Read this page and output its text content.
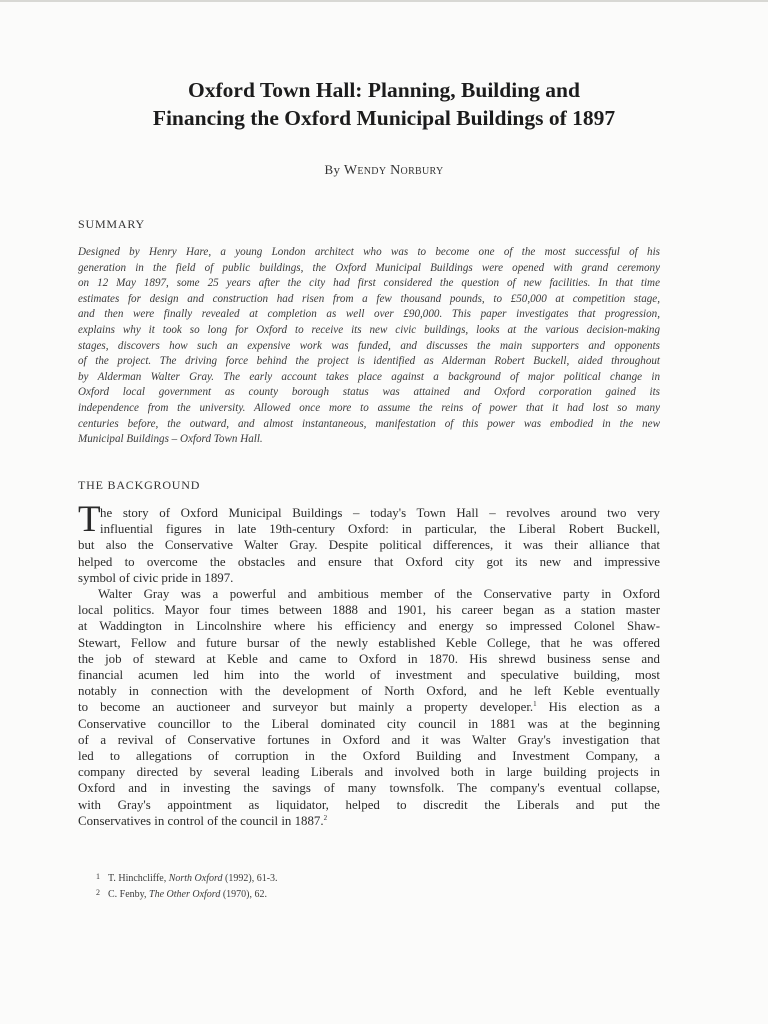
Oxford Town Hall: Planning, Building and
Financing the Oxford Municipal Buildings of 1897
By Wendy Norbury
SUMMARY
Designed by Henry Hare, a young London architect who was to become one of the most successful of his
generation in the field of public buildings, the Oxford Municipal Buildings were opened with grand ceremony
on 12 May 1897, some 25 years after the city had first considered the question of new facilities. In that time
estimates for design and construction had risen from a few thousand pounds, to £50,000 at competition stage,
and then were finally revealed at completion as well over £90,000. This paper investigates that progression,
explains why it took so long for Oxford to receive its new civic buildings, looks at the various decision-making
stages, discovers how such an expensive work was funded, and discusses the main supporters and opponents
of the project. The driving force behind the project is identified as Alderman Robert Buckell, aided throughout
by Alderman Walter Gray. The early account takes place against a background of major political change in
Oxford local government as county borough status was attained and Oxford corporation gained its
independence from the university. Allowed once more to assume the reins of power that it had lost so many
centuries before, the outward, and almost instantaneous, manifestation of this power was embodied in the new
Municipal Buildings – Oxford Town Hall.
THE BACKGROUND
T he story of Oxford Municipal Buildings – today's Town Hall – revolves around two very
influential figures in late 19th-century Oxford: in particular, the Liberal Robert Buckell,
but also the Conservative Walter Gray. Despite political differences, it was their alliance that
helped to overcome the obstacles and ensure that Oxford city got its new and impressive
symbol of civic pride in 1897.
Walter Gray was a powerful and ambitious member of the Conservative party in Oxford
local politics. Mayor four times between 1888 and 1901, his career began as a station master
at Waddington in Lincolnshire where his efficiency and energy so impressed Colonel Shaw-
Stewart, Fellow and future bursar of the newly established Keble College, that he was offered
the job of steward at Keble and came to Oxford in 1870. His shrewd business sense and
financial acumen led him into the world of investment and speculative building, most
notably in connection with the development of North Oxford, and he left Keble eventually
to become an auctioneer and surveyor but mainly a property developer.$^1$ His election as a
Conservative councillor to the Liberal dominated city council in 1881 was at the beginning
of a revival of Conservative fortunes in Oxford and it was Walter Gray's investigation that
led to allegations of corruption in the Oxford Building and Investment Company, a
company directed by several leading Liberals and involved both in large building projects in
Oxford and in investing the savings of many townsfolk. The company's eventual collapse,
with Gray's appointment as liquidator, helped to discredit the Liberals and put the
Conservatives in control of the council in 1887.$^2$
1 T. Hinchcliffe, North Oxford (1992), 61-3.
2 C. Fenby, The Other Oxford (1970), 62.
